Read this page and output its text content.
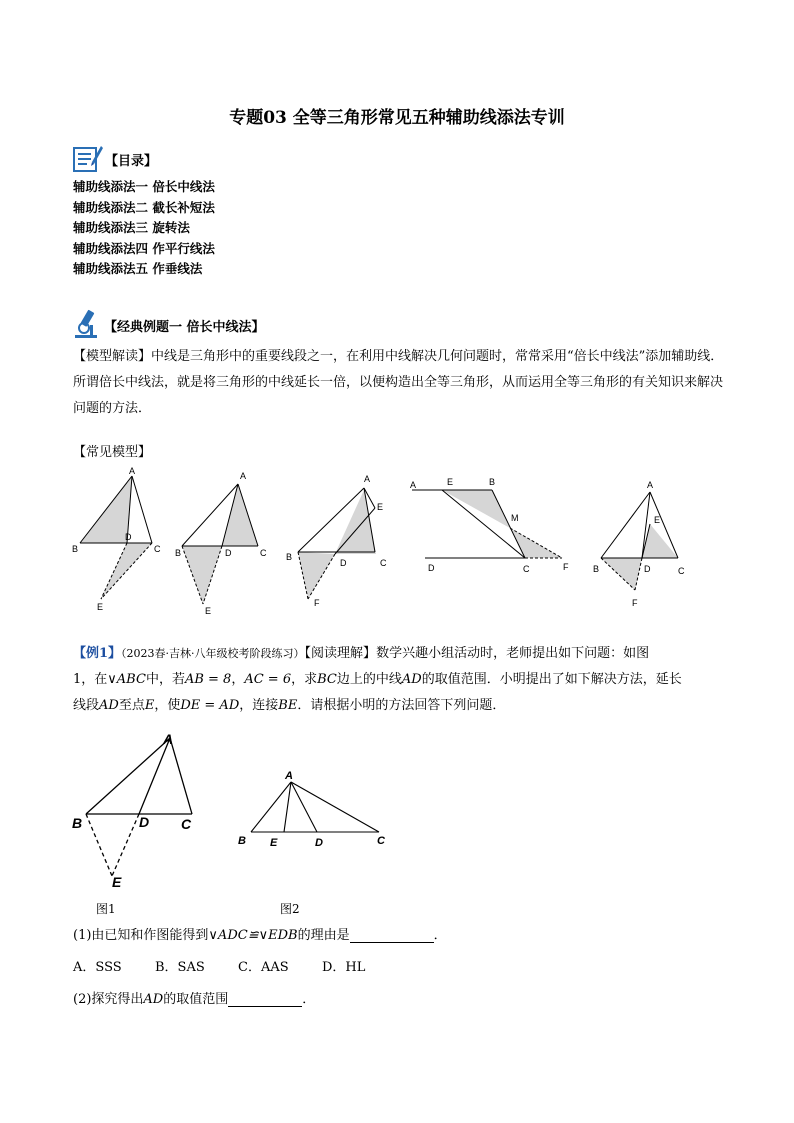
专题03 全等三角形常见五种辅助线添法专训
【目录】
辅助线添法一 倍长中线法
辅助线添法二 截长补短法
辅助线添法三 旋转法
辅助线添法四 作平行线法
辅助线添法五 作垂线法
【经典例题一 倍长中线法】
【模型解读】中线是三角形中的重要线段之一，在利用中线解决几何问题时，常常采用“倍长中线法”添加辅助线．所谓倍长中线法，就是将三角形的中线延长一倍，以便构造出全等三角形，从而运用全等三角形的有关知识来解决问题的方法．
【常见模型】
A
B
D
C
E
A
B	D	C
E
A
E
B
D	C
F
A	E	B
M
D	C	F
A
E
B	D	C
F
【例1】（2023春·吉林·八年级校考阶段练习）【阅读理解】数学兴趣小组活动时，老师提出如下问题：如图
1，在∨ABC中，若AB = 8，AC = 6，求BC边上的中线AD的取值范围．小明提出了如下解决方法，延长
线段AD至点E，使DE = AD，连接BE．请根据小明的方法回答下列问题．
A
B	D C
E
A
B E	D	C
图1	图2
(1)由已知和作图能得到∨ADC≌∨EDB的理由是	．
A．SSS	B．SAS	C．AAS	D．HL
(2)探究得出AD的取值范围	．
